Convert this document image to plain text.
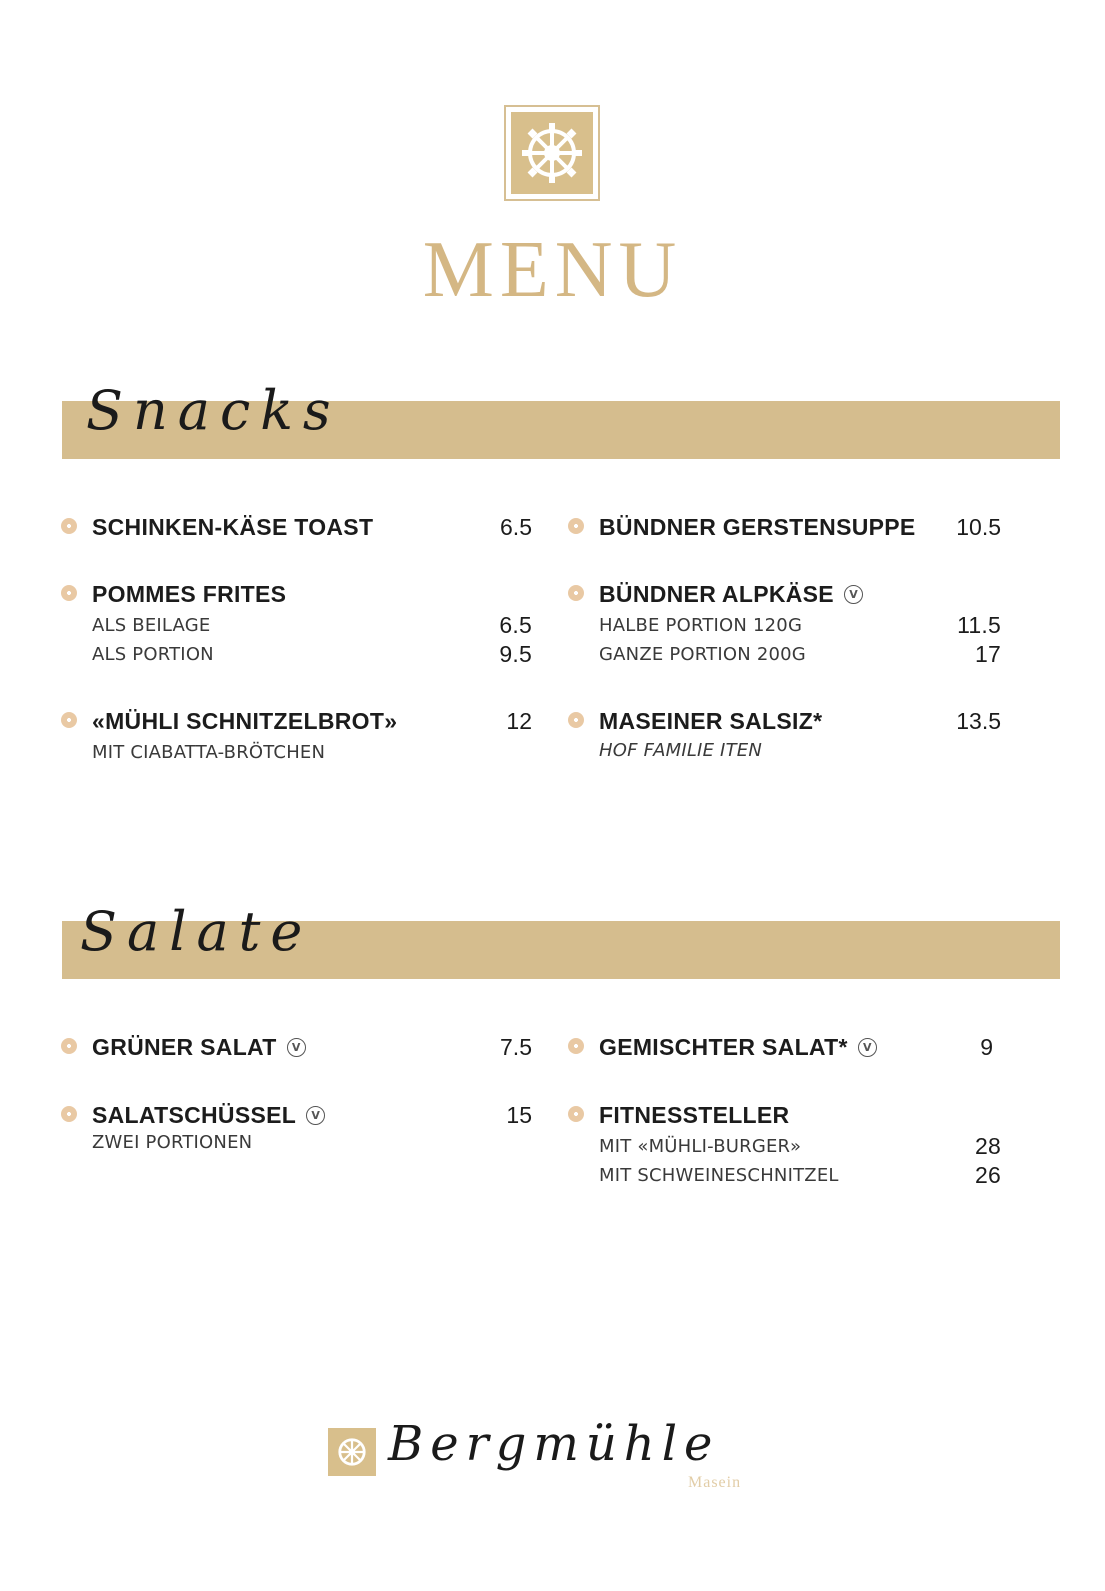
MENU
Snacks
SCHINKEN-KÄSE TOAST	6.5
POMMES FRITES
ALS BEILAGE	6.5
ALS PORTION	9.5
«MÜHLI SCHNITZELBROT»	12
MIT CIABATTA-BRÖTCHEN
BÜNDNER GERSTENSUPPE 10.5
BÜNDNER ALPKÄSE	V
HALBE PORTION 120G	11.5
GANZE PORTION 200G	17
MASEINER SALSIZ*	13.5
HOF FAMILIE ITEN
Salate
GRÜNER SALAT	V	7.5
SALATSCHÜSSEL	V	15
ZWEI PORTIONEN
GEMISCHTER SALAT*	V	9
FITNESSTELLER
MIT «MÜHLI-BURGER»	28
MIT SCHWEINESCHNITZEL	26
Bergmühle
Masein
